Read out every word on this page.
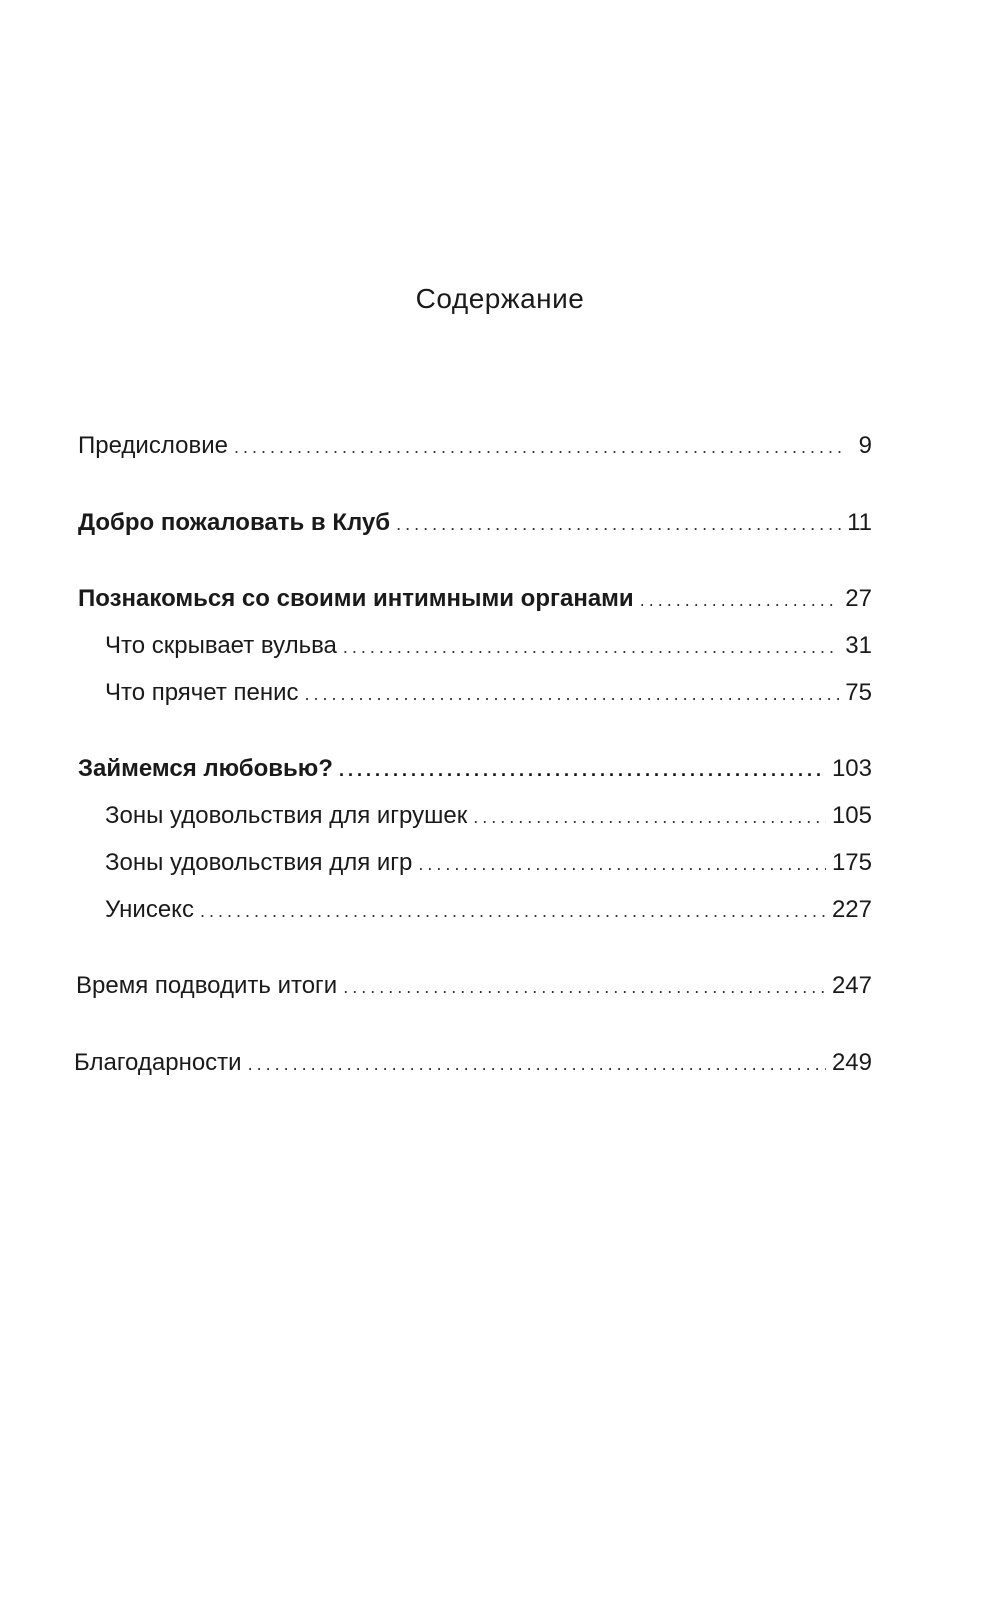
Содержание
Предисловие .....	9
Добро пожаловать в Клуб .....	11
Познакомься со своими интимными органами .....	27
Что скрывает вульва .....	31
Что прячет пенис .....	75
Займемся любовью? .....	103
Зоны удовольствия для игрушек .....	105
Зоны удовольствия для игр .....	175
Унисекс .....	227
Время подводить итоги .....	247
Благодарности .....	249
